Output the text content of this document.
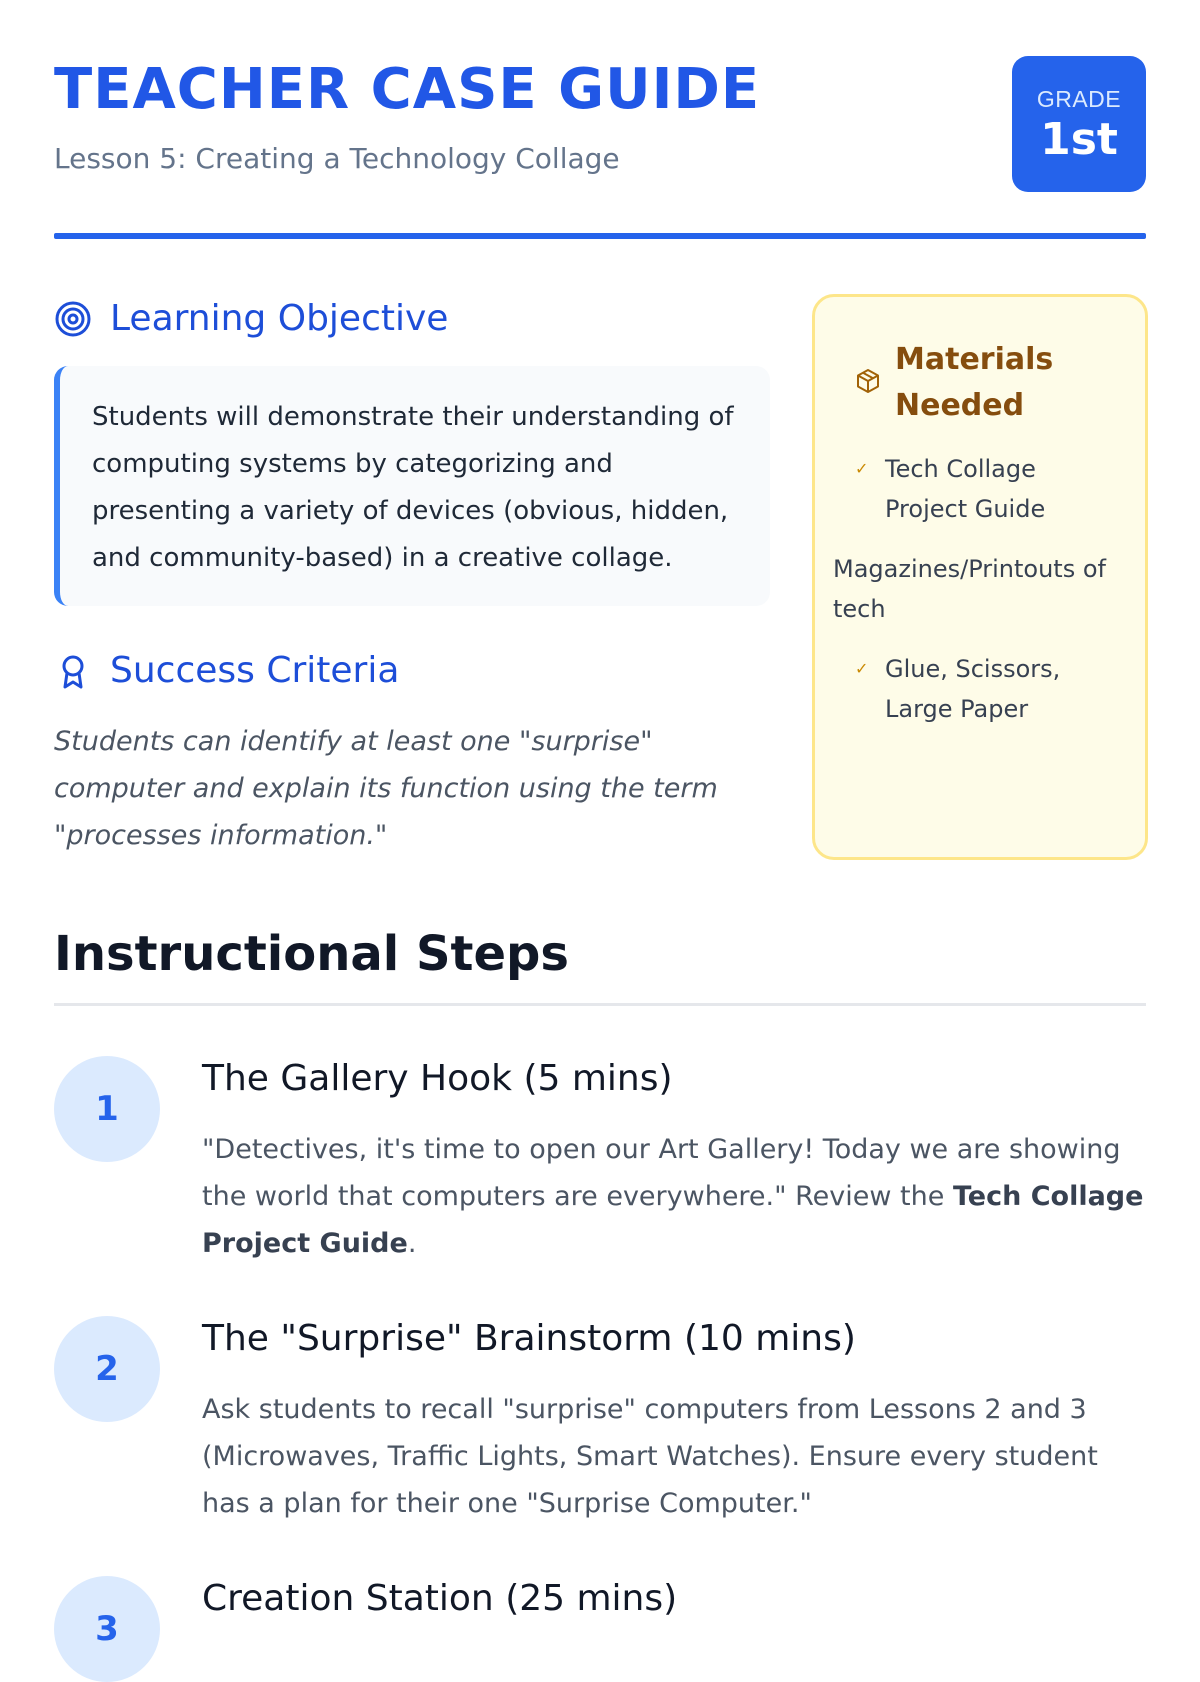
TEACHER CASE GUIDE
Lesson 5: Creating a Technology Collage
GRADE
1st
Learning Objective

Students will demonstrate their understanding of computing systems by categorizing and presenting a variety of devices (obvious, hidden, and community-based) in a creative collage.

Success Criteria

Students can identify at least one "surprise" computer and explain its function using the term "processes information."

Materials Needed
✓ Tech Collage Project Guide
Magazines/Printouts of tech
✓ Glue, Scissors, Large Paper
Instructional Steps
1
The Gallery Hook (5 mins)

"Detectives, it's time to open our Art Gallery! Today we are showing the world that computers are everywhere." Review the Tech Collage Project Guide.

2
The "Surprise" Brainstorm (10 mins)

Ask students to recall "surprise" computers from Lessons 2 and 3 (Microwaves, Traffic Lights, Smart Watches). Ensure every student has a plan for their one "Surprise Computer."

3
Creation Station (25 mins)
